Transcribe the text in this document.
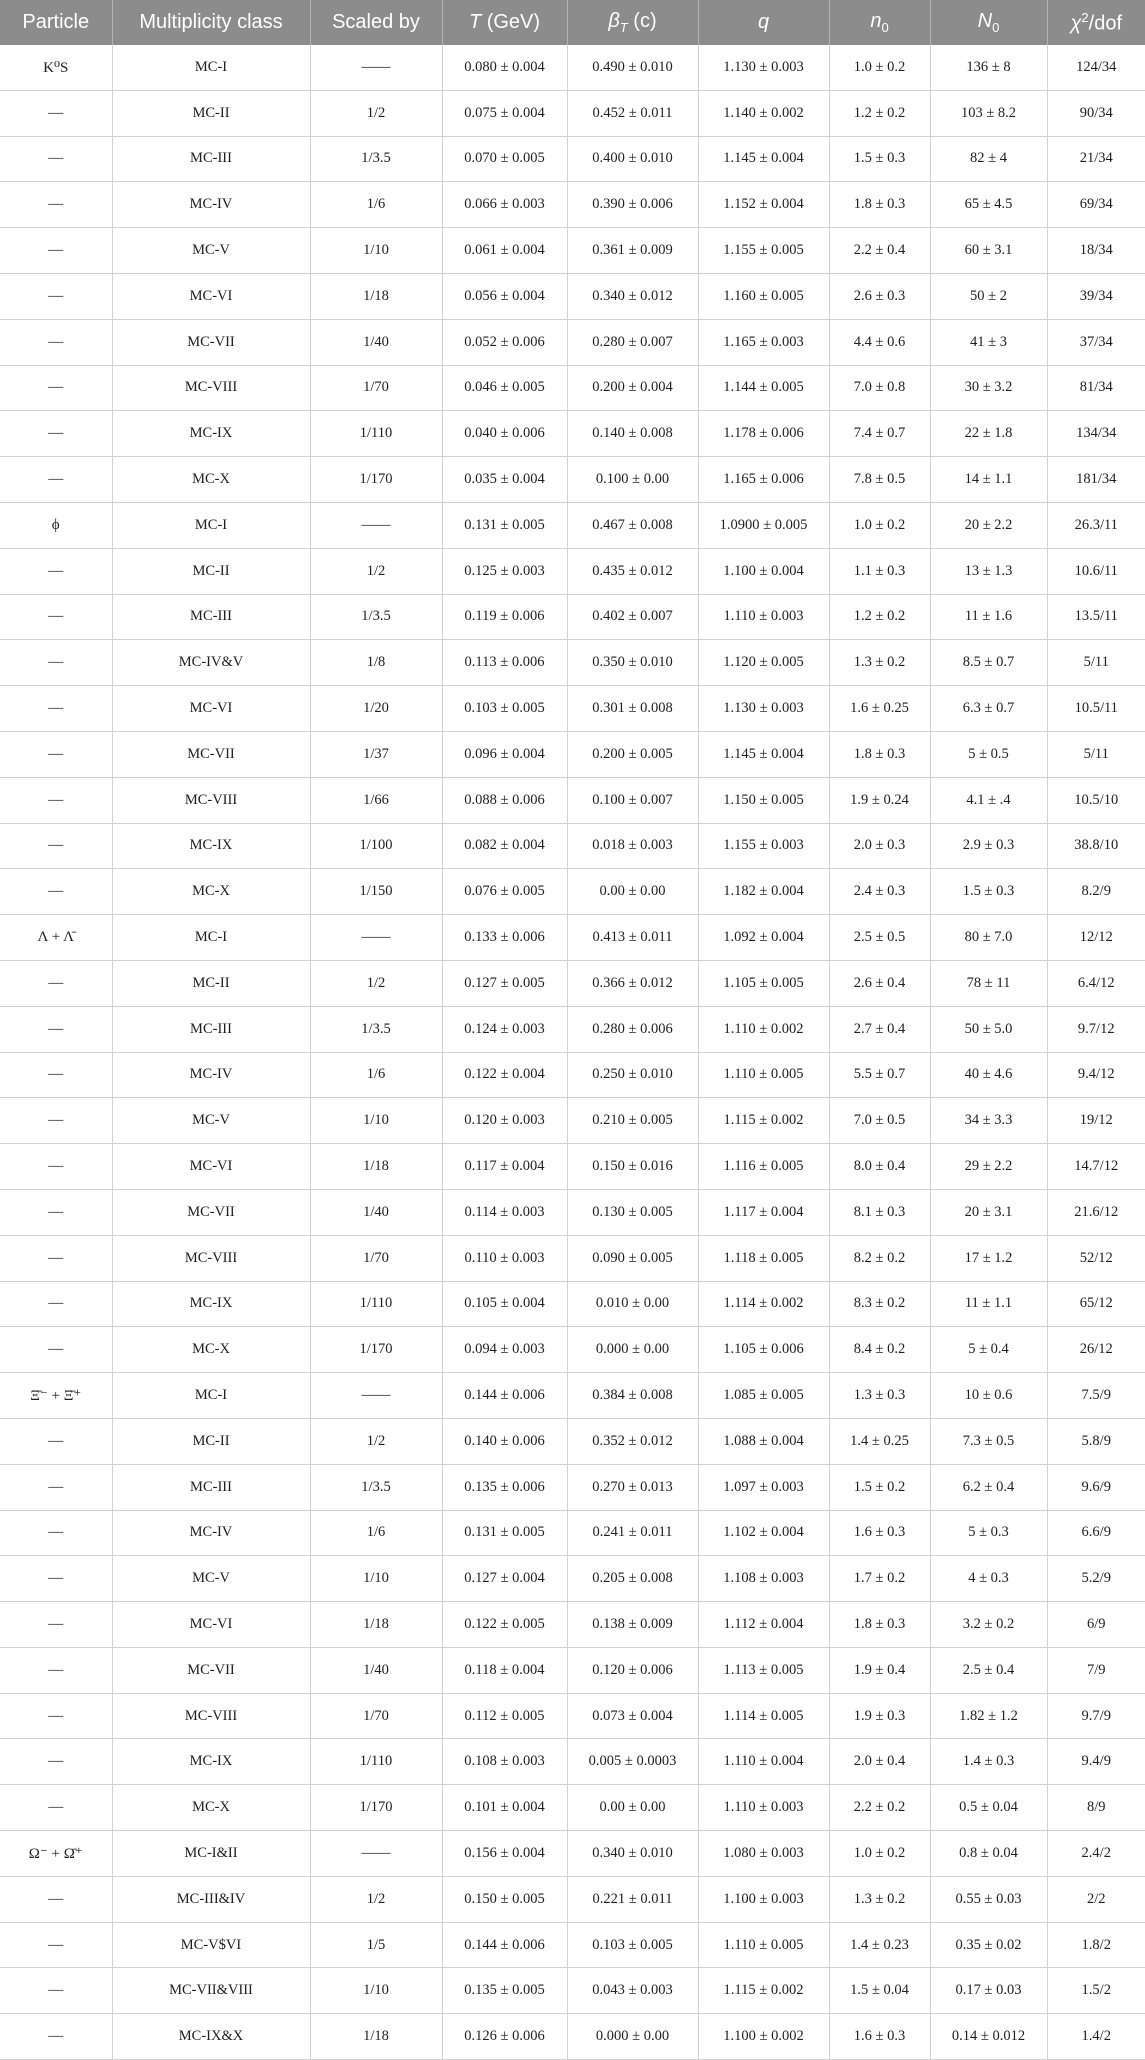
Particle	Multiplicity class	Scaled by	T (GeV)	$\beta_T$ (c)	q	$n_0$	$N_0$	$\chi^2$/dof
K⁰S	MC-I	——	0.080 ± 0.004	0.490 ± 0.010	1.130 ± 0.003	1.0 ± 0.2	136 ± 8	124/34
—	MC-II	1/2	0.075 ± 0.004	0.452 ± 0.011	1.140 ± 0.002	1.2 ± 0.2	103 ± 8.2	90/34
—	MC-III	1/3.5	0.070 ± 0.005	0.400 ± 0.010	1.145 ± 0.004	1.5 ± 0.3	82 ± 4	21/34
—	MC-IV	1/6	0.066 ± 0.003	0.390 ± 0.006	1.152 ± 0.004	1.8 ± 0.3	65 ± 4.5	69/34
—	MC-V	1/10	0.061 ± 0.004	0.361 ± 0.009	1.155 ± 0.005	2.2 ± 0.4	60 ± 3.1	18/34
—	MC-VI	1/18	0.056 ± 0.004	0.340 ± 0.012	1.160 ± 0.005	2.6 ± 0.3	50 ± 2	39/34
—	MC-VII	1/40	0.052 ± 0.006	0.280 ± 0.007	1.165 ± 0.003	4.4 ± 0.6	41 ± 3	37/34
—	MC-VIII	1/70	0.046 ± 0.005	0.200 ± 0.004	1.144 ± 0.005	7.0 ± 0.8	30 ± 3.2	81/34
—	MC-IX	1/110	0.040 ± 0.006	0.140 ± 0.008	1.178 ± 0.006	7.4 ± 0.7	22 ± 1.8	134/34
—	MC-X	1/170	0.035 ± 0.004	0.100 ± 0.00	1.165 ± 0.006	7.8 ± 0.5	14 ± 1.1	181/34
ϕ	MC-I	——	0.131 ± 0.005	0.467 ± 0.008	1.0900 ± 0.005	1.0 ± 0.2	20 ± 2.2	26.3/11
—	MC-II	1/2	0.125 ± 0.003	0.435 ± 0.012	1.100 ± 0.004	1.1 ± 0.3	13 ± 1.3	10.6/11
—	MC-III	1/3.5	0.119 ± 0.006	0.402 ± 0.007	1.110 ± 0.003	1.2 ± 0.2	11 ± 1.6	13.5/11
—	MC-IV&V	1/8	0.113 ± 0.006	0.350 ± 0.010	1.120 ± 0.005	1.3 ± 0.2	8.5 ± 0.7	5/11
—	MC-VI	1/20	0.103 ± 0.005	0.301 ± 0.008	1.130 ± 0.003	1.6 ± 0.25	6.3 ± 0.7	10.5/11
—	MC-VII	1/37	0.096 ± 0.004	0.200 ± 0.005	1.145 ± 0.004	1.8 ± 0.3	5 ± 0.5	5/11
—	MC-VIII	1/66	0.088 ± 0.006	0.100 ± 0.007	1.150 ± 0.005	1.9 ± 0.24	4.1 ± .4	10.5/10
—	MC-IX	1/100	0.082 ± 0.004	0.018 ± 0.003	1.155 ± 0.003	2.0 ± 0.3	2.9 ± 0.3	38.8/10
—	MC-X	1/150	0.076 ± 0.005	0.00 ± 0.00	1.182 ± 0.004	2.4 ± 0.3	1.5 ± 0.3	8.2/9
Λ + Λ̄	MC-I	——	0.133 ± 0.006	0.413 ± 0.011	1.092 ± 0.004	2.5 ± 0.5	80 ± 7.0	12/12
—	MC-II	1/2	0.127 ± 0.005	0.366 ± 0.012	1.105 ± 0.005	2.6 ± 0.4	78 ± 11	6.4/12
—	MC-III	1/3.5	0.124 ± 0.003	0.280 ± 0.006	1.110 ± 0.002	2.7 ± 0.4	50 ± 5.0	9.7/12
—	MC-IV	1/6	0.122 ± 0.004	0.250 ± 0.010	1.110 ± 0.005	5.5 ± 0.7	40 ± 4.6	9.4/12
—	MC-V	1/10	0.120 ± 0.003	0.210 ± 0.005	1.115 ± 0.002	7.0 ± 0.5	34 ± 3.3	19/12
—	MC-VI	1/18	0.117 ± 0.004	0.150 ± 0.016	1.116 ± 0.005	8.0 ± 0.4	29 ± 2.2	14.7/12
—	MC-VII	1/40	0.114 ± 0.003	0.130 ± 0.005	1.117 ± 0.004	8.1 ± 0.3	20 ± 3.1	21.6/12
—	MC-VIII	1/70	0.110 ± 0.003	0.090 ± 0.005	1.118 ± 0.005	8.2 ± 0.2	17 ± 1.2	52/12
—	MC-IX	1/110	0.105 ± 0.004	0.010 ± 0.00	1.114 ± 0.002	8.3 ± 0.2	11 ± 1.1	65/12
—	MC-X	1/170	0.094 ± 0.003	0.000 ± 0.00	1.105 ± 0.006	8.4 ± 0.2	5 ± 0.4	26/12
Ξ̄⁻ + Ξ̄⁺	MC-I	——	0.144 ± 0.006	0.384 ± 0.008	1.085 ± 0.005	1.3 ± 0.3	10 ± 0.6	7.5/9
—	MC-II	1/2	0.140 ± 0.006	0.352 ± 0.012	1.088 ± 0.004	1.4 ± 0.25	7.3 ± 0.5	5.8/9
—	MC-III	1/3.5	0.135 ± 0.006	0.270 ± 0.013	1.097 ± 0.003	1.5 ± 0.2	6.2 ± 0.4	9.6/9
—	MC-IV	1/6	0.131 ± 0.005	0.241 ± 0.011	1.102 ± 0.004	1.6 ± 0.3	5 ± 0.3	6.6/9
—	MC-V	1/10	0.127 ± 0.004	0.205 ± 0.008	1.108 ± 0.003	1.7 ± 0.2	4 ± 0.3	5.2/9
—	MC-VI	1/18	0.122 ± 0.005	0.138 ± 0.009	1.112 ± 0.004	1.8 ± 0.3	3.2 ± 0.2	6/9
—	MC-VII	1/40	0.118 ± 0.004	0.120 ± 0.006	1.113 ± 0.005	1.9 ± 0.4	2.5 ± 0.4	7/9
—	MC-VIII	1/70	0.112 ± 0.005	0.073 ± 0.004	1.114 ± 0.005	1.9 ± 0.3	1.82 ± 1.2	9.7/9
—	MC-IX	1/110	0.108 ± 0.003	0.005 ± 0.0003	1.110 ± 0.004	2.0 ± 0.4	1.4 ± 0.3	9.4/9
—	MC-X	1/170	0.101 ± 0.004	0.00 ± 0.00	1.110 ± 0.003	2.2 ± 0.2	0.5 ± 0.04	8/9
Ω⁻ + Ω̄⁺	MC-I&II	——	0.156 ± 0.004	0.340 ± 0.010	1.080 ± 0.003	1.0 ± 0.2	0.8 ± 0.04	2.4/2
—	MC-III&IV	1/2	0.150 ± 0.005	0.221 ± 0.011	1.100 ± 0.003	1.3 ± 0.2	0.55 ± 0.03	2/2
—	MC-V$VI	1/5	0.144 ± 0.006	0.103 ± 0.005	1.110 ± 0.005	1.4 ± 0.23	0.35 ± 0.02	1.8/2
—	MC-VII&VIII	1/10	0.135 ± 0.005	0.043 ± 0.003	1.115 ± 0.002	1.5 ± 0.04	0.17 ± 0.03	1.5/2
—	MC-IX&X	1/18	0.126 ± 0.006	0.000 ± 0.00	1.100 ± 0.002	1.6 ± 0.3	0.14 ± 0.012	1.4/2
